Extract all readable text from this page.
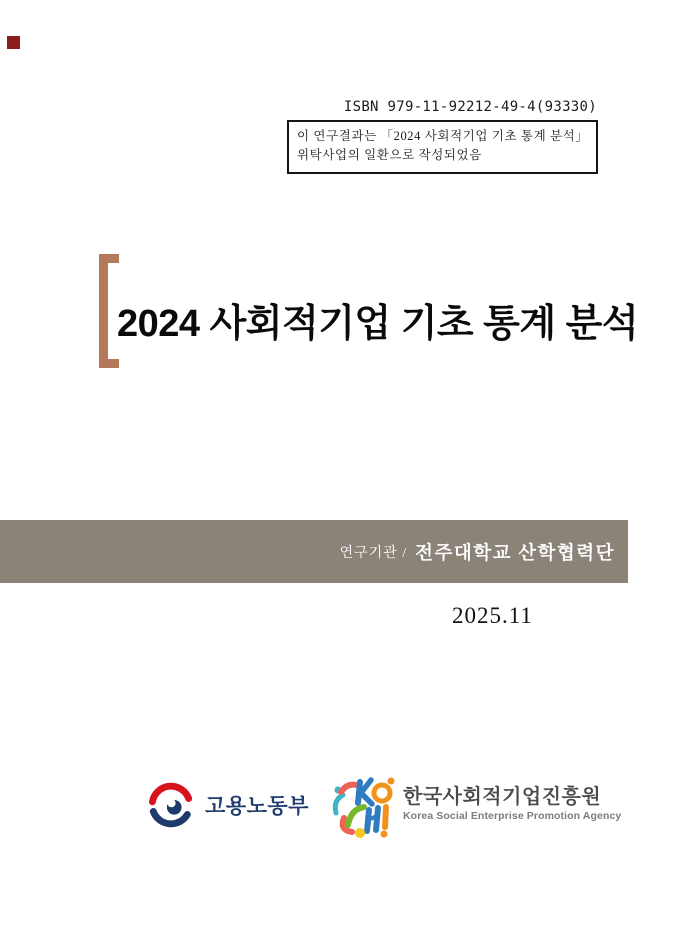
ISBN 979-11-92212-49-4(93330)
이 연구결과는 「2024 사회적기업 기초 통계 분석」
위탁사업의 일환으로 작성되었음
2024 사회적기업 기초 통계 분석
연구기관 / 전주대학교 산학협력단
2025.11
고용노동부	한국사회적기업진흥원
Korea Social Enterprise Promotion Agency
